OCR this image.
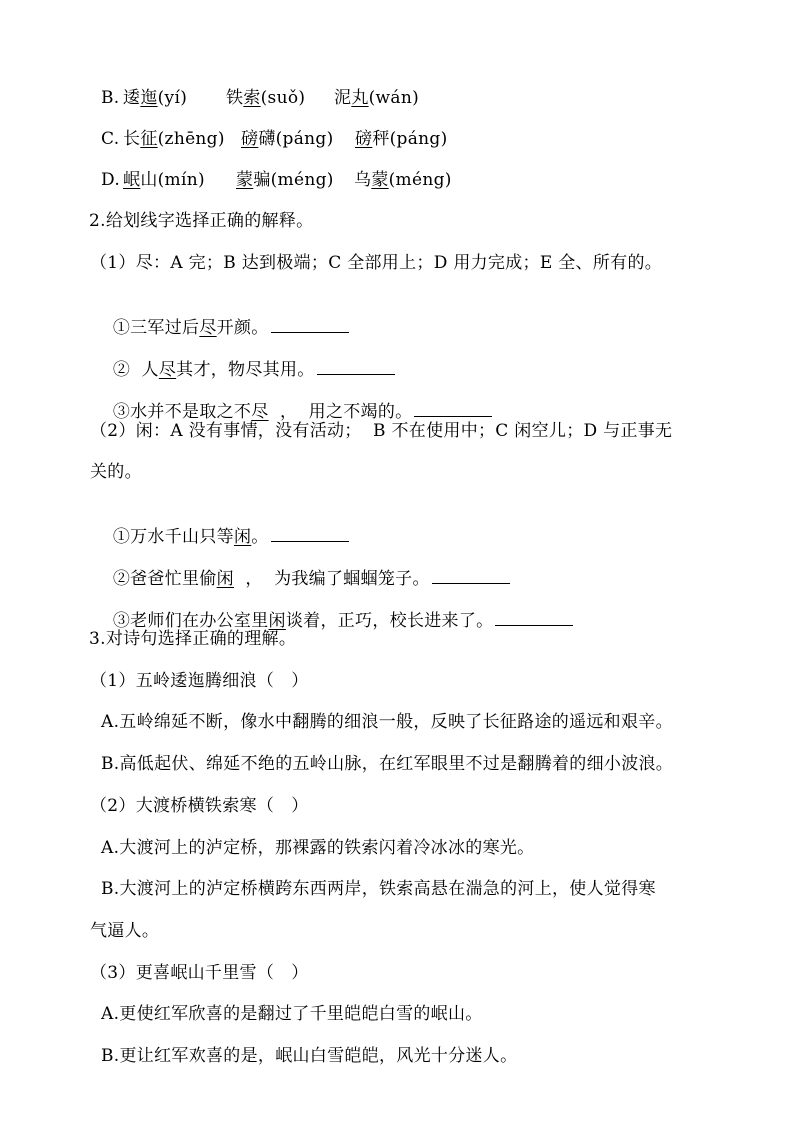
B.

逶迤(yí)

铁索(suǒ)

泥丸(wán)

C.

长征(zhēng)

磅礴(páng)

磅秤(páng)

D.

岷山(mín)

蒙骗(méng)

乌蒙(méng)

2.给划线字选择正确的解释。
（1）尽：A 完；B 达到极端；C 全部用上；D 用力完成；E 全、所有的。

①三军过后尽开颜。

②  人尽其才，物尽其用。

③水并不是取之不尽  ，  用之不竭的。

（2）闲：A 没有事情，没有活动；  B 不在使用中；C 闲空儿；D 与正事无
关的。

①万水千山只等闲。

②爸爸忙里偷闲  ，  为我编了蝈蝈笼子。

③老师们在办公室里闲谈着，正巧，校长进来了。

3.对诗句选择正确的理解。
（1）五岭逶迤腾细浪（   ）
A.五岭绵延不断，像水中翻腾的细浪一般，反映了长征路途的遥远和艰辛。
B.高低起伏、绵延不绝的五岭山脉，在红军眼里不过是翻腾着的细小波浪。
（2）大渡桥横铁索寒（   ）
A.大渡河上的泸定桥，那裸露的铁索闪着冷冰冰的寒光。
B.大渡河上的泸定桥横跨东西两岸，铁索高悬在湍急的河上，使人觉得寒
气逼人。
（3）更喜岷山千里雪（   ）
A.更使红军欣喜的是翻过了千里皑皑白雪的岷山。
B.更让红军欢喜的是，岷山白雪皑皑，风光十分迷人。
